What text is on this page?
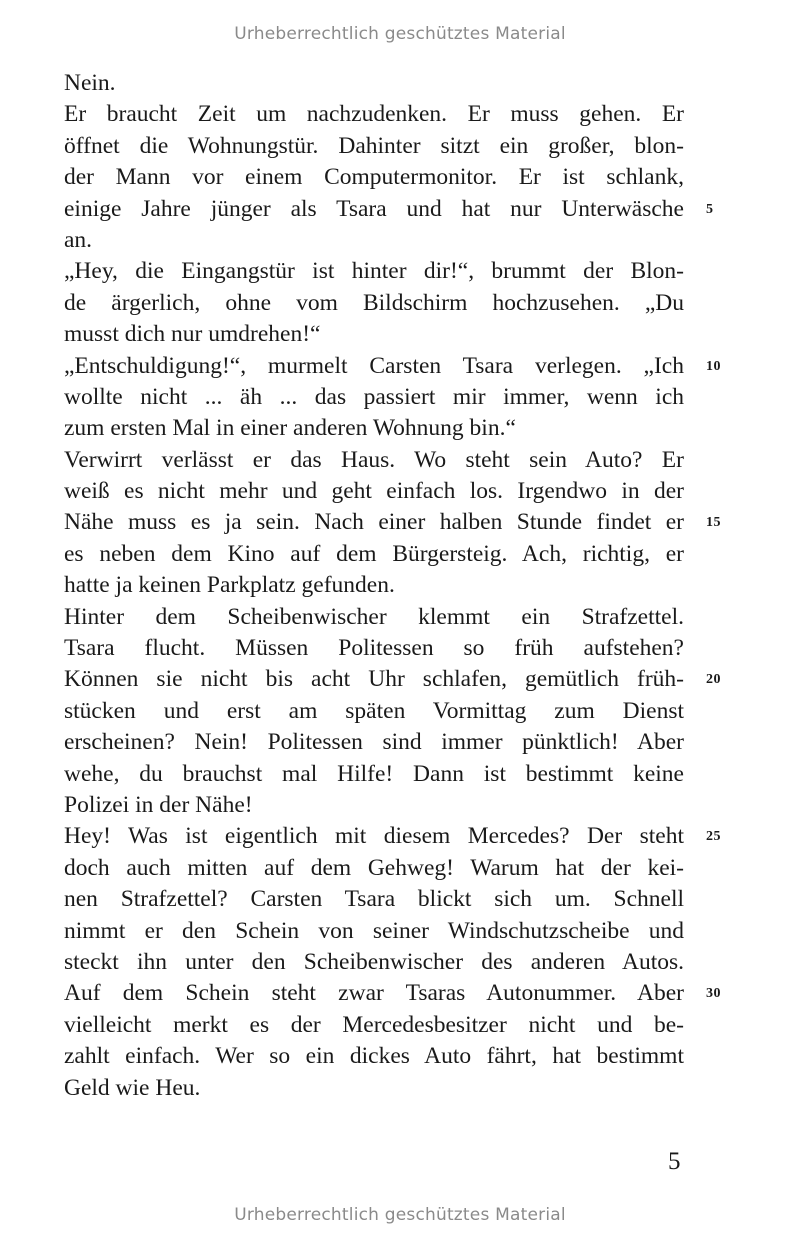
Urheberrechtlich geschütztes Material
Nein.
Er braucht Zeit um nachzudenken. Er muss gehen. Er
öffnet die Wohnungstür. Dahinter sitzt ein großer, blon-
der Mann vor einem Computermonitor. Er ist schlank,
einige Jahre jünger als Tsara und hat nur Unterwäsche 5
an.
„Hey, die Eingangstür ist hinter dir!“, brummt der Blon-
de ärgerlich, ohne vom Bildschirm hochzusehen. „Du
musst dich nur umdrehen!“
„Entschuldigung!“, murmelt Carsten Tsara verlegen. „Ich 10
wollte nicht ... äh ... das passiert mir immer, wenn ich
zum ersten Mal in einer anderen Wohnung bin.“
Verwirrt verlässt er das Haus. Wo steht sein Auto? Er
weiß es nicht mehr und geht einfach los. Irgendwo in der
Nähe muss es ja sein. Nach einer halben Stunde findet er 15
es neben dem Kino auf dem Bürgersteig. Ach, richtig, er
hatte ja keinen Parkplatz gefunden.
Hinter dem Scheibenwischer klemmt ein Strafzettel.
Tsara flucht. Müssen Politessen so früh aufstehen?
Können sie nicht bis acht Uhr schlafen, gemütlich früh- 20
stücken und erst am späten Vormittag zum Dienst
erscheinen? Nein! Politessen sind immer pünktlich! Aber
wehe, du brauchst mal Hilfe! Dann ist bestimmt keine
Polizei in der Nähe!
Hey! Was ist eigentlich mit diesem Mercedes? Der steht 25
doch auch mitten auf dem Gehweg! Warum hat der kei-
nen Strafzettel? Carsten Tsara blickt sich um. Schnell
nimmt er den Schein von seiner Windschutzscheibe und
steckt ihn unter den Scheibenwischer des anderen Autos.
Auf dem Schein steht zwar Tsaras Autonummer. Aber 30
vielleicht merkt es der Mercedesbesitzer nicht und be-
zahlt einfach. Wer so ein dickes Auto fährt, hat bestimmt
Geld wie Heu.
5
Urheberrechtlich geschütztes Material
